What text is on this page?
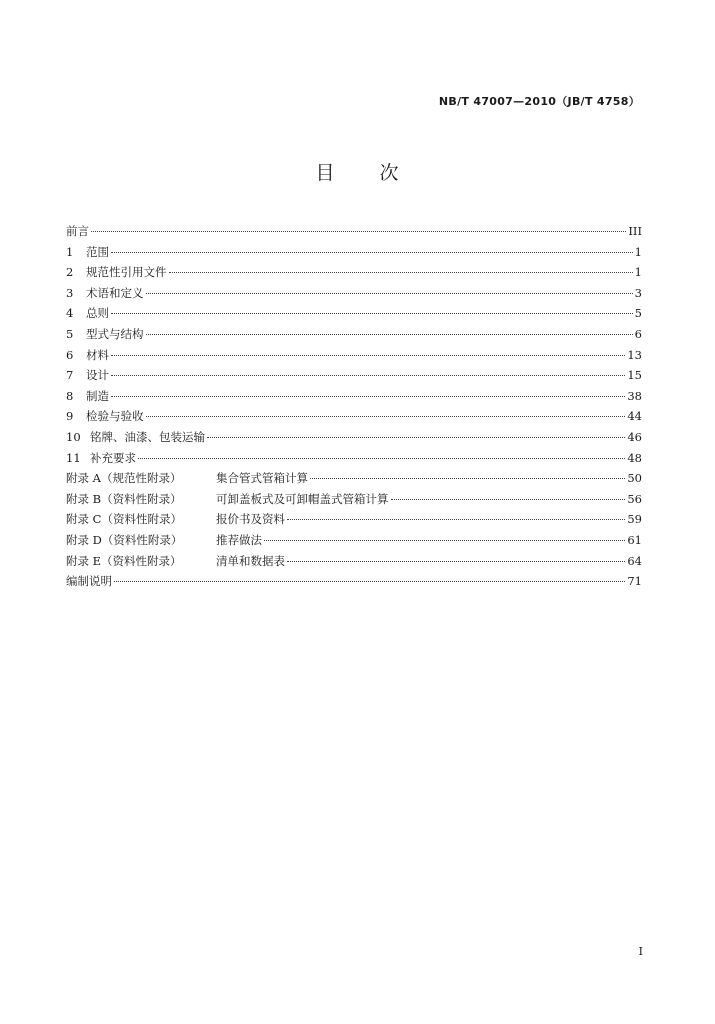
NB/T 47007—2010（JB/T 4758）
目 次
前言	III
1	范围	1
2	规范性引用文件	1
3	术语和定义	3
4	总则	5
5	型式与结构	6
6	材料	13
7	设计	15
8	制造	38
9	检验与验收	44
10 铭牌、油漆、包装运输	46
11 补充要求	48
附录 A（规范性附录）	集合管式管箱计算	50
附录 B（资料性附录）	可卸盖板式及可卸帽盖式管箱计算	56
附录 C（资料性附录）	报价书及资料	59
附录 D（资料性附录）	推荐做法	61
附录 E（资料性附录）	清单和数据表	64
编制说明	71
I
